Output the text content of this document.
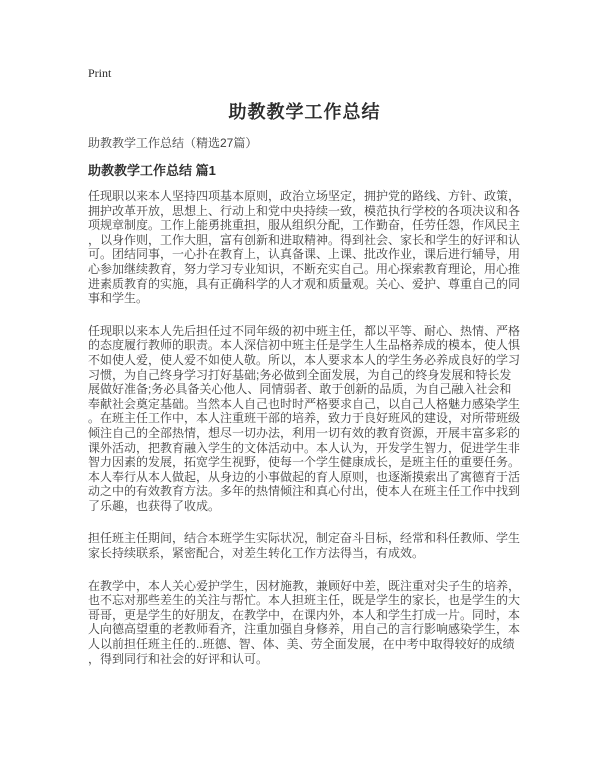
Print
助教教学工作总结
助教教学工作总结（精选27篇）
助教教学工作总结 篇1

任现职以来本人坚持四项基本原则，政治立场坚定，拥护党的路线、方针、政策，拥护改革开放，思想上、行动上和党中央持续一致，模范执行学校的各项决议和各项规章制度。工作上能勇挑重担，服从组织分配，工作勤奋，任劳任怨，作风民主，以身作则，工作大胆，富有创新和进取精神。得到社会、家长和学生的好评和认可。团结同事，一心扑在教育上，认真备课、上课、批改作业，课后进行辅导，用心参加继续教育，努力学习专业知识，不断充实自己。用心探索教育理论，用心推进素质教育的实施，具有正确科学的人才观和质量观。关心、爱护、尊重自己的同事和学生。

任现职以来本人先后担任过不同年级的初中班主任，都以平等、耐心、热情、严格的态度履行教师的职责。本人深信初中班主任是学生人生品格养成的模本，使人惧不如使人爱，使人爱不如使人敬。所以，本人要求本人的学生务必养成良好的学习习惯，为自己终身学习打好基础;务必做到全面发展，为自己的终身发展和特长发展做好准备;务必具备关心他人、同情弱者、敢于创新的品质，为自己融入社会和奉献社会奠定基础。当然本人自己也时时严格要求自己，以自己人格魅力感染学生。在班主任工作中，本人注重班干部的培养，致力于良好班风的建设，对所带班级倾注自己的全部热情，想尽一切办法，利用一切有效的教育资源，开展丰富多彩的课外活动，把教育融入学生的文体活动中。本人认为，开发学生智力，促进学生非智力因素的发展，拓宽学生视野，使每一个学生健康成长，是班主任的重要任务。本人奉行从本人做起，从身边的小事做起的育人原则，也逐渐摸索出了寓德育于活动之中的有效教育方法。多年的热情倾注和真心付出，使本人在班主任工作中找到了乐趣，也获得了收成。

担任班主任期间，结合本班学生实际状况，制定奋斗目标，经常和科任教师、学生家长持续联系，紧密配合，对差生转化工作方法得当，有成效。

在教学中，本人关心爱护学生，因材施教，兼顾好中差，既注重对尖子生的培养，也不忘对那些差生的关注与帮忙。本人担班主任，既是学生的家长，也是学生的大哥哥，更是学生的好朋友，在教学中，在课内外，本人和学生打成一片。同时，本人向德高望重的老教师看齐，注重加强自身修养，用自己的言行影响感染学生，本人以前担任班主任的..班德、智、体、美、劳全面发展，在中考中取得较好的成绩，得到同行和社会的好评和认可。
